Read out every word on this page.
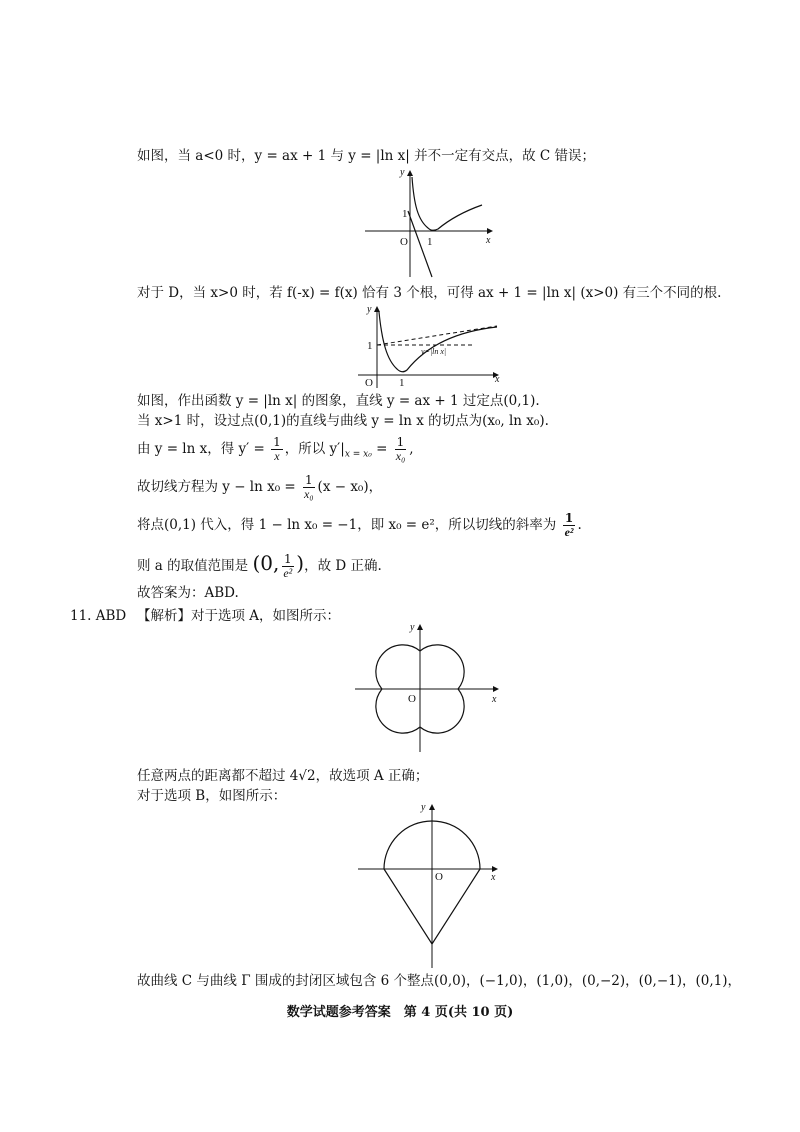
如图，当 a<0 时，y = ax + 1 与 y = |ln x| 并不一定有交点，故 C 错误；
y
x
O
1
1
对于 D，当 x>0 时，若 f(-x) = f(x) 恰有 3 个根，可得 ax + 1 = |ln x| (x>0) 有三个不同的根.
y
x
O
1
1
y=|ln x|
如图，作出函数 y = |ln x| 的图象，直线 y = ax + 1 过定点(0,1).
当 x>1 时，设过点(0,1)的直线与曲线 y = ln x 的切点为(x₀, ln x₀).
由 y = ln x，得 $y' = \frac{1}{x}$ ，所以 $y'|_{x = x_0} = \frac{1}{\text{x₀}}$ ,
故切线方程为 $y - \ln x_0 = \frac{1}{\text{x₀}} (x - x_0)$，
将点(0,1) 代入，得 1 − ln x₀ = −1，即 x₀ = e²，所以切线的斜率为 $\frac{1}{\text{e²}}$ .
则 a 的取值范围是 (0, $\frac{1}{\text{e²}}$ )，故 D 正确.
故答案为：ABD.
11. ABD 【解析】对于选项 A，如图所示：
y
x
O
任意两点的距离都不超过 4√2，故选项 A 正确；
对于选项 B，如图所示：
y
x
O
故曲线 C 与曲线 Γ 围成的封闭区域包含 6 个整点(0,0)，(−1,0)，(1,0)，(0,−2)，(0,−1)，(0,1)，
数学试题参考答案　第 4 页(共 10 页)
